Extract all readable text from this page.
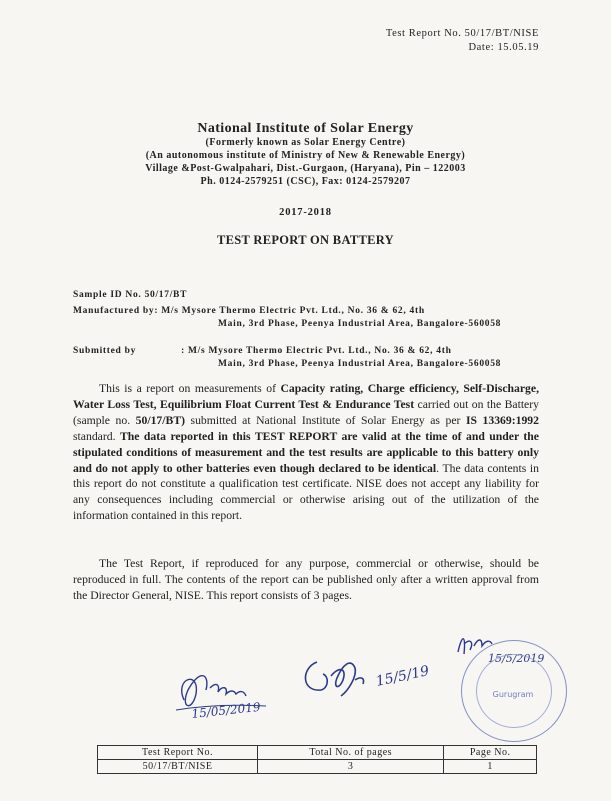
Test Report No. 50/17/BT/NISE
Date: 15.05.19
National Institute of Solar Energy
(Formerly known as Solar Energy Centre)
(An autonomous institute of Ministry of New & Renewable Energy)
Village &Post-Gwalpahari, Dist.-Gurgaon, (Haryana), Pin – 122003
Ph. 0124-2579251 (CSC), Fax: 0124-2579207
2017-2018
TEST REPORT ON BATTERY
Sample ID No. 50/17/BT
Manufactured by: M/s Mysore Thermo Electric Pvt. Ltd., No. 36 & 62, 4th
Main, 3rd Phase, Peenya Industrial Area, Bangalore-560058
Submitted by	: M/s Mysore Thermo Electric Pvt. Ltd., No. 36 & 62, 4th
Main, 3rd Phase, Peenya Industrial Area, Bangalore-560058
This is a report on measurements of Capacity rating, Charge efficiency, Self-Discharge, Water Loss Test, Equilibrium Float Current Test & Endurance Test carried out on the Battery (sample no. 50/17/BT) submitted at National Institute of Solar Energy as per IS 13369:1992 standard. The data reported in this TEST REPORT are valid at the time of and under the stipulated conditions of measurement and the test results are applicable to this battery only and do not apply to other batteries even though declared to be identical. The data contents in this report do not constitute a qualification test certificate. NISE does not accept any liability for any consequences including commercial or otherwise arising out of the utilization of the information contained in this report.
The Test Report, if reproduced for any purpose, commercial or otherwise, should be reproduced in full. The contents of the report can be published only after a written approval from the Director General, NISE. This report consists of 3 pages.
15/05/2019
15/5/19
15/5/2019
Gurugram
Test Report No.	Total No. of pages	Page No.
50/17/BT/NISE	3	1
